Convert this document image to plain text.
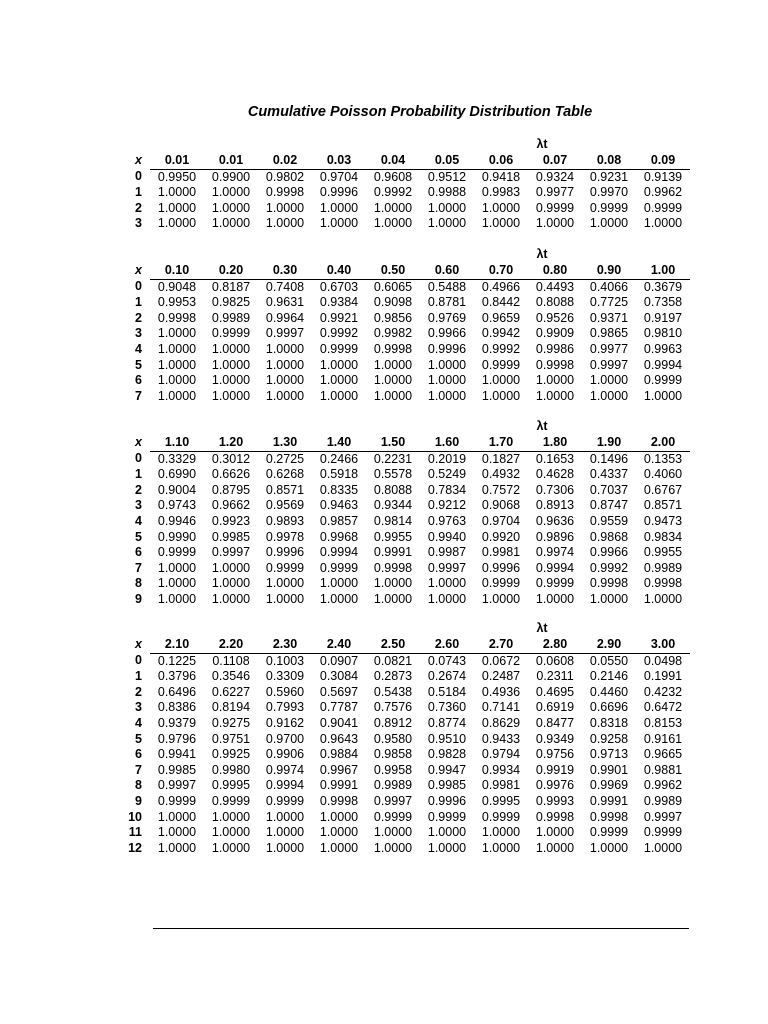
Cumulative Poisson Probability Distribution Table
λt
x	0.01	0.01	0.02	0.03	0.04	0.05	0.06	0.07	0.08	0.09
0	0.9950	0.9900	0.9802	0.9704	0.9608	0.9512	0.9418	0.9324	0.9231	0.9139
1	1.0000	1.0000	0.9998	0.9996	0.9992	0.9988	0.9983	0.9977	0.9970	0.9962
2	1.0000	1.0000	1.0000	1.0000	1.0000	1.0000	1.0000	0.9999	0.9999	0.9999
3	1.0000	1.0000	1.0000	1.0000	1.0000	1.0000	1.0000	1.0000	1.0000	1.0000
λt
x	0.10	0.20	0.30	0.40	0.50	0.60	0.70	0.80	0.90	1.00
0	0.9048	0.8187	0.7408	0.6703	0.6065	0.5488	0.4966	0.4493	0.4066	0.3679
1	0.9953	0.9825	0.9631	0.9384	0.9098	0.8781	0.8442	0.8088	0.7725	0.7358
2	0.9998	0.9989	0.9964	0.9921	0.9856	0.9769	0.9659	0.9526	0.9371	0.9197
3	1.0000	0.9999	0.9997	0.9992	0.9982	0.9966	0.9942	0.9909	0.9865	0.9810
4	1.0000	1.0000	1.0000	0.9999	0.9998	0.9996	0.9992	0.9986	0.9977	0.9963
5	1.0000	1.0000	1.0000	1.0000	1.0000	1.0000	0.9999	0.9998	0.9997	0.9994
6	1.0000	1.0000	1.0000	1.0000	1.0000	1.0000	1.0000	1.0000	1.0000	0.9999
7	1.0000	1.0000	1.0000	1.0000	1.0000	1.0000	1.0000	1.0000	1.0000	1.0000
λt
x	1.10	1.20	1.30	1.40	1.50	1.60	1.70	1.80	1.90	2.00
0	0.3329	0.3012	0.2725	0.2466	0.2231	0.2019	0.1827	0.1653	0.1496	0.1353
1	0.6990	0.6626	0.6268	0.5918	0.5578	0.5249	0.4932	0.4628	0.4337	0.4060
2	0.9004	0.8795	0.8571	0.8335	0.8088	0.7834	0.7572	0.7306	0.7037	0.6767
3	0.9743	0.9662	0.9569	0.9463	0.9344	0.9212	0.9068	0.8913	0.8747	0.8571
4	0.9946	0.9923	0.9893	0.9857	0.9814	0.9763	0.9704	0.9636	0.9559	0.9473
5	0.9990	0.9985	0.9978	0.9968	0.9955	0.9940	0.9920	0.9896	0.9868	0.9834
6	0.9999	0.9997	0.9996	0.9994	0.9991	0.9987	0.9981	0.9974	0.9966	0.9955
7	1.0000	1.0000	0.9999	0.9999	0.9998	0.9997	0.9996	0.9994	0.9992	0.9989
8	1.0000	1.0000	1.0000	1.0000	1.0000	1.0000	0.9999	0.9999	0.9998	0.9998
9	1.0000	1.0000	1.0000	1.0000	1.0000	1.0000	1.0000	1.0000	1.0000	1.0000
λt
x	2.10	2.20	2.30	2.40	2.50	2.60	2.70	2.80	2.90	3.00
0	0.1225	0.1108	0.1003	0.0907	0.0821	0.0743	0.0672	0.0608	0.0550	0.0498
1	0.3796	0.3546	0.3309	0.3084	0.2873	0.2674	0.2487	0.2311	0.2146	0.1991
2	0.6496	0.6227	0.5960	0.5697	0.5438	0.5184	0.4936	0.4695	0.4460	0.4232
3	0.8386	0.8194	0.7993	0.7787	0.7576	0.7360	0.7141	0.6919	0.6696	0.6472
4	0.9379	0.9275	0.9162	0.9041	0.8912	0.8774	0.8629	0.8477	0.8318	0.8153
5	0.9796	0.9751	0.9700	0.9643	0.9580	0.9510	0.9433	0.9349	0.9258	0.9161
6	0.9941	0.9925	0.9906	0.9884	0.9858	0.9828	0.9794	0.9756	0.9713	0.9665
7	0.9985	0.9980	0.9974	0.9967	0.9958	0.9947	0.9934	0.9919	0.9901	0.9881
8	0.9997	0.9995	0.9994	0.9991	0.9989	0.9985	0.9981	0.9976	0.9969	0.9962
9	0.9999	0.9999	0.9999	0.9998	0.9997	0.9996	0.9995	0.9993	0.9991	0.9989
10	1.0000	1.0000	1.0000	1.0000	0.9999	0.9999	0.9999	0.9998	0.9998	0.9997
11	1.0000	1.0000	1.0000	1.0000	1.0000	1.0000	1.0000	1.0000	0.9999	0.9999
12	1.0000	1.0000	1.0000	1.0000	1.0000	1.0000	1.0000	1.0000	1.0000	1.0000
